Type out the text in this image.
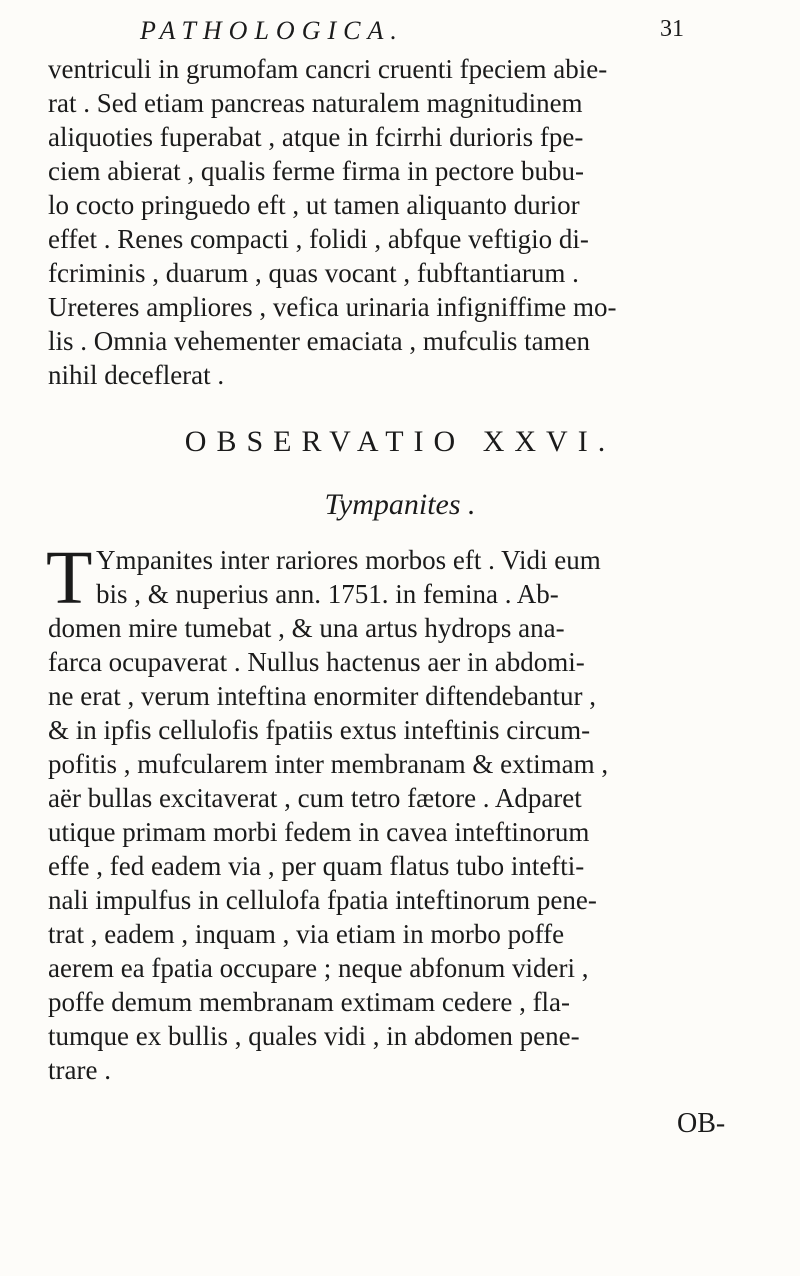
PATHOLOGICA.	31
ventriculi in grumofam cancri cruenti fpeciem abie-
rat . Sed etiam pancreas naturalem magnitudinem
aliquoties fuperabat , atque in fcirrhi durioris fpe-
ciem abierat , qualis ferme firma in pectore bubu-
lo cocto pringuedo eft , ut tamen aliquanto durior
effet . Renes compacti , folidi , abfque veftigio di-
fcriminis , duarum , quas vocant , fubftantiarum .
Ureteres ampliores , vefica urinaria infigniffime mo-
lis . Omnia vehementer emaciata , mufculis tamen
nihil deceflerat .
OBSERVATIO XXVI.
Tympanites .
T Ympanites inter rariores morbos eft . Vidi eum
bis , & nuperius ann. 1751. in femina . Ab-
domen mire tumebat , & una artus hydrops ana-
farca ocupaverat . Nullus hactenus aer in abdomi-
ne erat , verum inteftina enormiter diftendebantur ,
& in ipfis cellulofis fpatiis extus inteftinis circum-
pofitis , mufcularem inter membranam & extimam ,
aër bullas excitaverat , cum tetro fætore . Adparet
utique primam morbi fedem in cavea inteftinorum
effe , fed eadem via , per quam flatus tubo intefti-
nali impulfus in cellulofa fpatia inteftinorum pene-
trat , eadem , inquam , via etiam in morbo poffe
aerem ea fpatia occupare ; neque abfonum videri ,
poffe demum membranam extimam cedere , fla-
tumque ex bullis , quales vidi , in abdomen pene-
trare .
OB-
